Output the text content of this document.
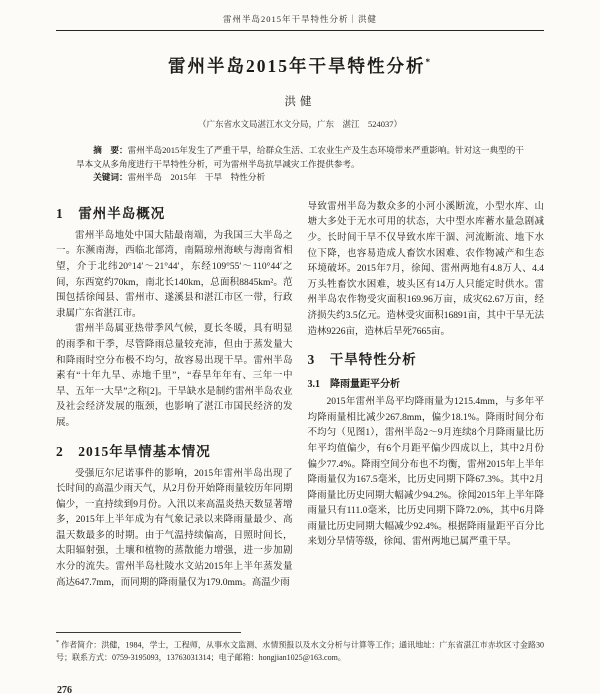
雷州半岛2015年干旱特性分析｜洪健
雷州半岛2015年干旱特性分析*
洪健
（广东省水文局湛江水文分局，广东　湛江　524037）

摘　要：雷州半岛2015年发生了严重干旱，给群众生活、工农业生产及生态环境带来严重影响。针对这一典型的干旱本文从多角度进行干旱特性分析，可为雷州半岛抗旱减灾工作提供参考。

关键词：雷州半岛　2015年　干旱　特性分析

1　雷州半岛概况

雷州半岛地处中国大陆最南端，为我国三大半岛之一。东濒南海，西临北部湾，南隔琼州海峡与海南省相望，介于北纬20°14′～21°44′，东经109°55′～110°44′之间，东西宽约70km，南北长140km，总面积8845km²。范围包括徐闻县、雷州市、遂溪县和湛江市区一带，行政隶属广东省湛江市。

雷州半岛属亚热带季风气候，夏长冬暖，具有明显的雨季和干季，尽管降雨总量较充沛，但由于蒸发量大和降雨时空分布极不均匀，故容易出现干旱。雷州半岛素有“十年九旱、赤地千里”，“春旱年年有、三年一中旱、五年一大旱”之称[2]。干旱缺水是制约雷州半岛农业及社会经济发展的瓶颈，也影响了湛江市国民经济的发展。

2　2015年旱情基本情况

受强厄尔尼诺事件的影响，2015年雷州半岛出现了长时间的高温少雨天气，从2月份开始降雨量较历年同期偏少，一直持续到9月份。入汛以来高温炎热天数显著增多，2015年上半年成为有气象记录以来降雨量最少、高温天数最多的时期。由于气温持续偏高，日照时间长，太阳辐射强，土壤和植物的蒸散能力增强，进一步加剧水分的流失。雷州半岛杜陵水文站2015年上半年蒸发量高达647.7mm，而同期的降雨量仅为179.0mm。高温少雨

导致雷州半岛为数众多的小河小溪断流，小型水库、山塘大多处于无水可用的状态，大中型水库蓄水量急剧减少。长时间干旱不仅导致水库干涸、河流断流、地下水位下降，也容易造成人畜饮水困难、农作物减产和生态环境破坏。2015年7月，徐闻、雷州两地有4.8万人、4.4万头牲畜饮水困难，坡头区有14万人只能定时供水。雷州半岛农作物受灾面积169.96万亩，成灾62.67万亩，经济损失约3.5亿元。造林受灾面积16891亩，其中干旱无法造林9226亩，造林后旱死7665亩。

3　干旱特性分析
3.1　降雨量距平分析

2015年雷州半岛平均降雨量为1215.4mm，与多年平均降雨量相比减少267.8mm，偏少18.1%。降雨时间分布不均匀（见图1），雷州半岛2～9月连续8个月降雨量比历年平均值偏少，有6个月距平偏少四成以上，其中2月份偏少77.4%。降雨空间分布也不均衡，雷州2015年上半年降雨量仅为167.5毫米，比历史同期下降67.3%。其中2月降雨量比历史同期大幅减少94.2%。徐闻2015年上半年降雨量只有111.0毫米，比历史同期下降72.0%，其中6月降雨量比历史同期大幅减少92.4%。根据降雨量距平百分比来划分旱情等级，徐闻、雷州两地已属严重干旱。

* 作者简介：洪健，1984，学士，工程师，从事水文监测、水情预报以及水文分析与计算等工作；通讯地址：广东省湛江市赤坎区寸金路30号；联系方式：0759-3195093，13763031314；电子邮箱：hongjian1025@163.com。

276
